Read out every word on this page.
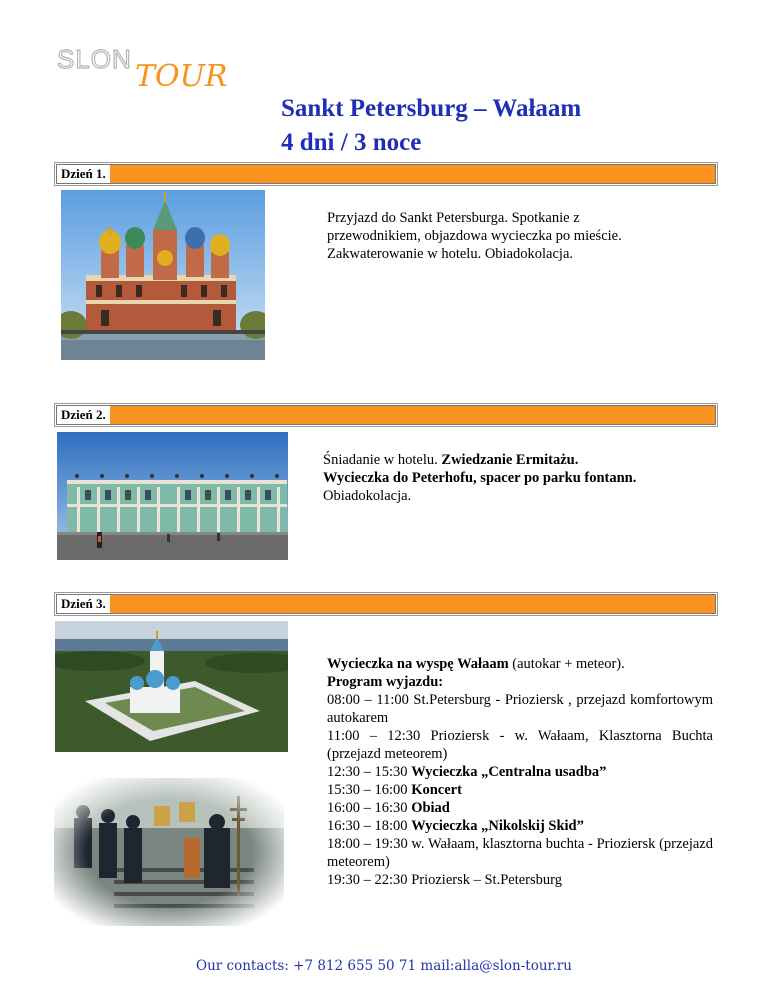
SLON TOUR
Sankt Petersburg – Wałaam
4 dni / 3 noce
Dzień 1.
Przyjazd do Sankt Petersburga. Spotkanie z
przewodnikiem, objazdowa wycieczka po mieście.
Zakwaterowanie w hotelu. Obiadokolacja.
Dzień 2.
Śniadanie w hotelu. Zwiedzanie Ermitażu.
Wycieczka do Peterhofu, spacer po parku fontann.
Obiadokolacja.
Dzień 3.
Wycieczka na wyspę Wałaam (autokar + meteor).
Program wyjazdu:
08:00 – 11:00 St.Petersburg - Prioziersk , przejazd komfortowym autokarem
11:00 – 12:30 Prioziersk - w. Wałaam, Klasztorna Buchta (przejazd meteorem)
12:30 – 15:30 Wycieczka „Centralna usadba”
15:30 – 16:00 Koncert
16:00 – 16:30 Obiad
16:30 – 18:00 Wycieczka „Nikolskij Skid”
18:00 – 19:30 w. Wałaam, klasztorna buchta - Prioziersk (przejazd meteorem)
19:30 – 22:30 Prioziersk – St.Petersburg
Our contacts: +7 812 655 50 71 mail:alla@slon-tour.ru
